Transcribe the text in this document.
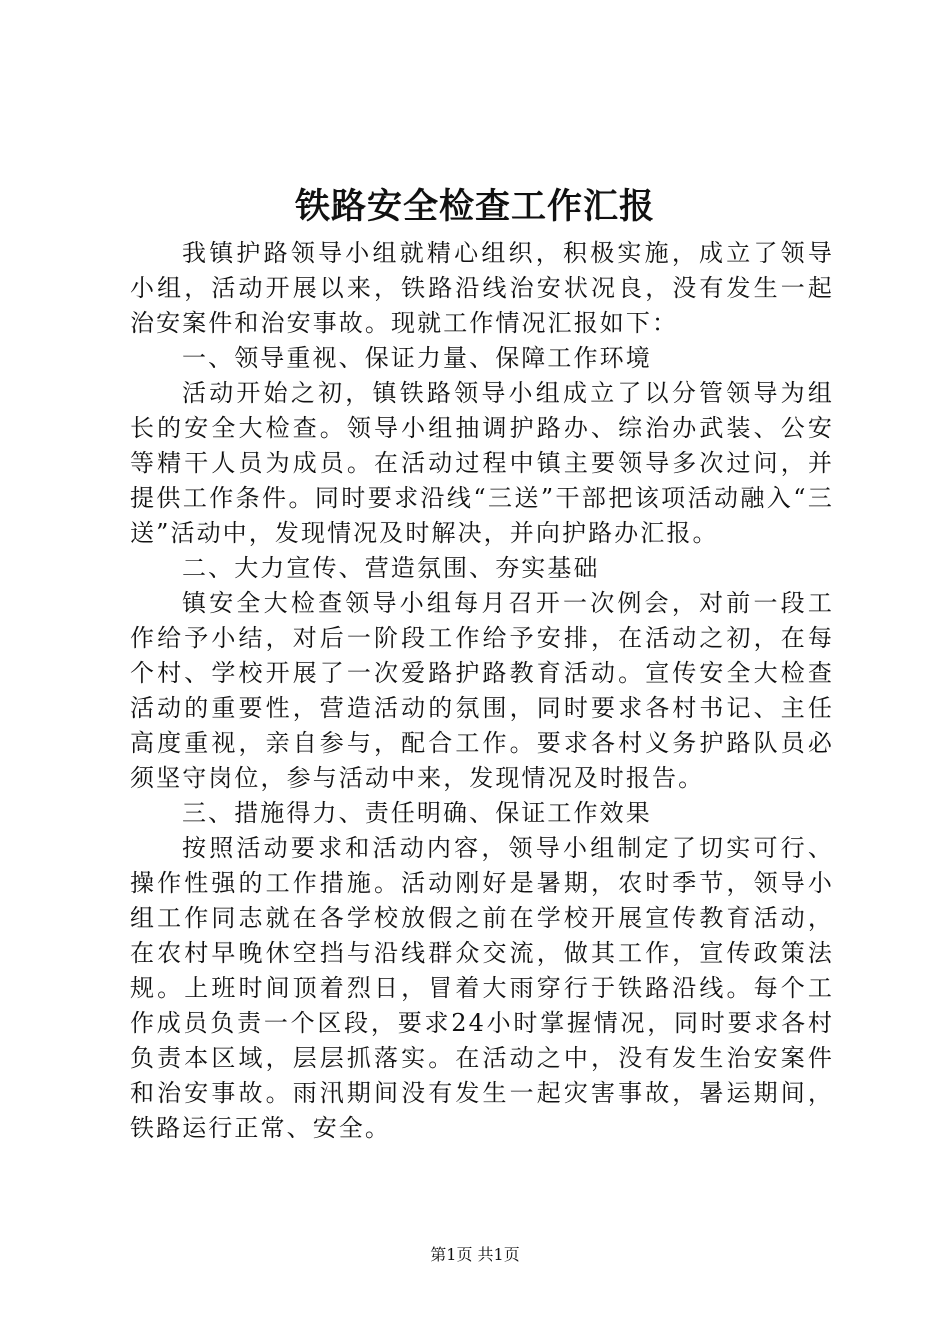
铁路安全检查工作汇报

我镇护路领导小组就精心组织，积极实施，成立了领导小组，活动开展以来，铁路沿线治安状况良，没有发生一起治安案件和治安事故。现就工作情况汇报如下：

一、领导重视、保证力量、保障工作环境

活动开始之初，镇铁路领导小组成立了以分管领导为组长的安全大检查。领导小组抽调护路办、综治办武装、公安等精干人员为成员。在活动过程中镇主要领导多次过问，并提供工作条件。同时要求沿线“三送”干部把该项活动融入“三送”活动中，发现情况及时解决，并向护路办汇报。

二、大力宣传、营造氛围、夯实基础

镇安全大检查领导小组每月召开一次例会，对前一段工作给予小结，对后一阶段工作给予安排，在活动之初，在每个村、学校开展了一次爱路护路教育活动。宣传安全大检查活动的重要性，营造活动的氛围，同时要求各村书记、主任高度重视，亲自参与，配合工作。要求各村义务护路队员必须坚守岗位，参与活动中来，发现情况及时报告。

三、措施得力、责任明确、保证工作效果

按照活动要求和活动内容，领导小组制定了切实可行、操作性强的工作措施。活动刚好是暑期，农时季节，领导小组工作同志就在各学校放假之前在学校开展宣传教育活动，在农村早晚休空挡与沿线群众交流，做其工作，宣传政策法规。上班时间顶着烈日，冒着大雨穿行于铁路沿线。每个工作成员负责一个区段，要求24小时掌握情况，同时要求各村负责本区域，层层抓落实。在活动之中，没有发生治安案件和治安事故。雨汛期间没有发生一起灾害事故，暑运期间，铁路运行正常、安全。

第1页 共1页
